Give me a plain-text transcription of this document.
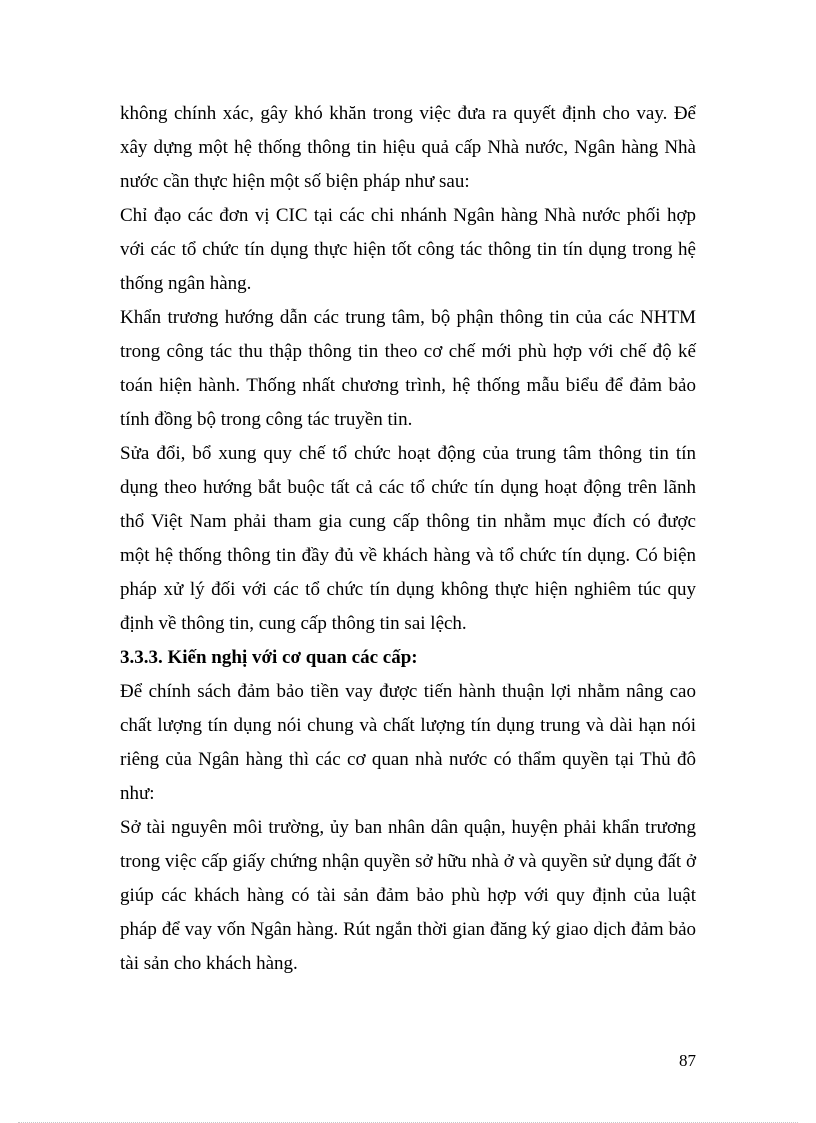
không chính xác, gây khó khăn trong việc đưa ra quyết định cho vay. Để xây dựng một hệ thống thông tin hiệu quả cấp Nhà nước, Ngân hàng Nhà nước cần thực hiện một số biện pháp như sau:

Chỉ đạo các đơn vị CIC tại các chi nhánh Ngân hàng Nhà nước phối hợp với các tổ chức tín dụng thực hiện tốt công tác thông tin tín dụng trong hệ thống ngân hàng.

Khẩn trương hướng dẫn các trung tâm, bộ phận thông tin của các NHTM trong công tác thu thập thông tin theo cơ chế mới phù hợp với chế độ kế toán hiện hành. Thống nhất chương trình, hệ thống mẫu biểu để đảm bảo tính đồng bộ trong công tác truyền tin.

Sửa đổi, bổ xung quy chế tổ chức hoạt động của trung tâm thông tin tín dụng theo hướng bắt buộc tất cả các tổ chức tín dụng hoạt động trên lãnh thổ Việt Nam phải tham gia cung cấp thông tin nhằm mục đích có được một hệ thống thông tin đầy đủ về khách hàng và tổ chức tín dụng. Có biện pháp xử lý đối với các tổ chức tín dụng không thực hiện nghiêm túc quy định về thông tin, cung cấp thông tin sai lệch.

3.3.3. Kiến nghị với cơ quan các cấp:

Để chính sách đảm bảo tiền vay được tiến hành thuận lợi nhằm nâng cao chất lượng tín dụng nói chung và chất lượng tín dụng trung và dài hạn nói riêng của Ngân hàng thì các cơ quan nhà nước có thẩm quyền tại Thủ đô như:

Sở tài nguyên môi trường, ủy ban nhân dân quận, huyện phải khẩn trương trong việc cấp giấy chứng nhận quyền sở hữu nhà ở và quyền sử dụng đất ở giúp các khách hàng có tài sản đảm bảo phù hợp với quy định của luật pháp để vay vốn Ngân hàng. Rút ngắn thời gian đăng ký giao dịch đảm bảo tài sản cho khách hàng.

87
